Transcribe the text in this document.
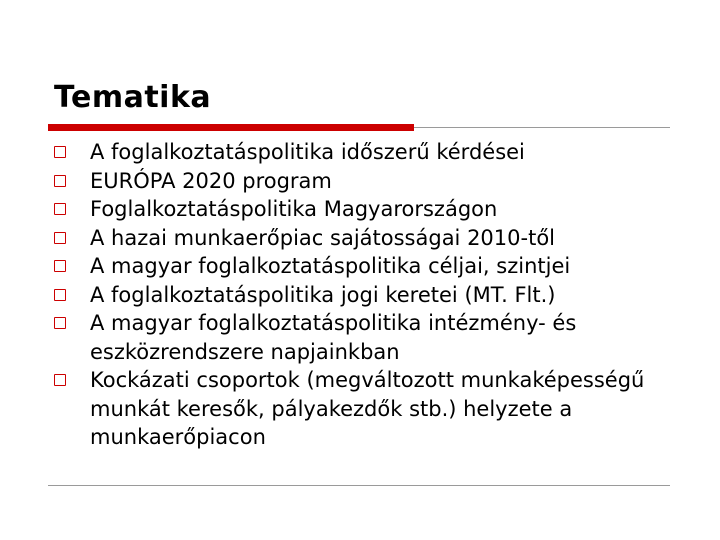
Tematika
A foglalkoztatáspolitika időszerű kérdései
EURÓPA 2020 program
Foglalkoztatáspolitika Magyarországon
A hazai munkaerőpiac sajátosságai 2010-től
A magyar foglalkoztatáspolitika céljai, szintjei
A foglalkoztatáspolitika jogi keretei (MT. Flt.)
A magyar foglalkoztatáspolitika intézmény- és eszközrendszere napjainkban
Kockázati csoportok (megváltozott munkaképességű munkát keresők, pályakezdők stb.) helyzete a munkaerőpiacon
